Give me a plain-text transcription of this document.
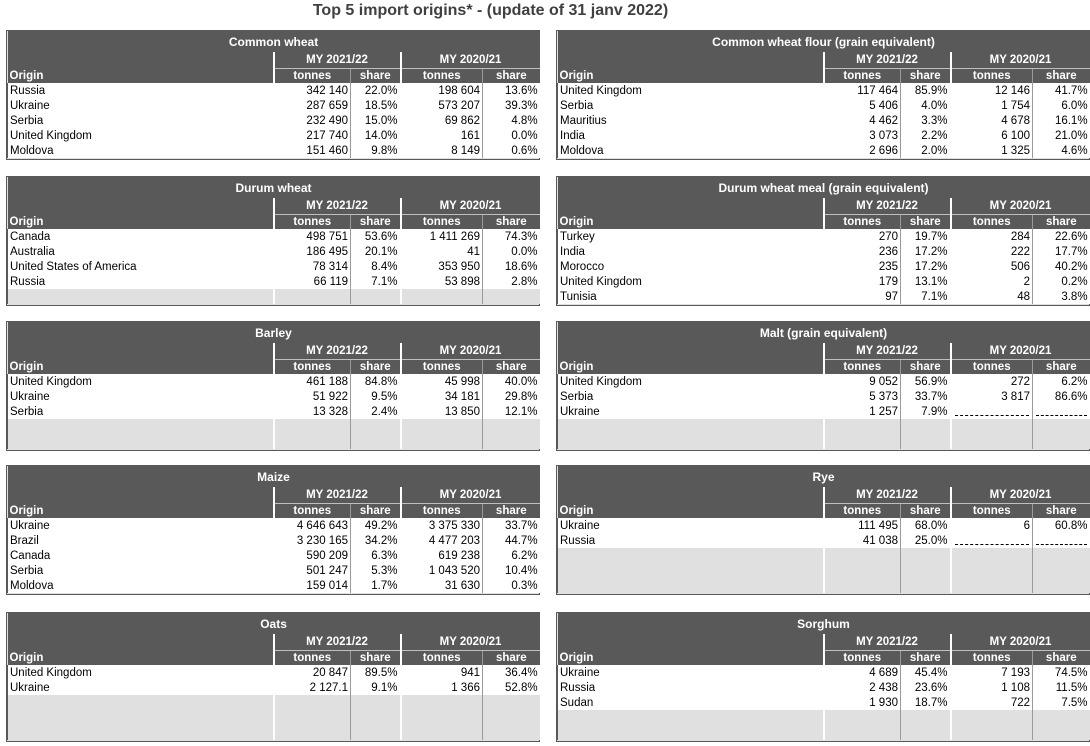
Top 5 import origins* - (update of 31 janv 2022)
Common wheat				
	MY 2021/22		MY 2020/21	
Origin	tonnes	share	tonnes	share
Russia	342 140	22.0%	198 604	13.6%
Ukraine	287 659	18.5%	573 207	39.3%
Serbia	232 490	15.0%	69 862	4.8%
United Kingdom	217 740	14.0%	161	0.0%
Moldova	151 460	9.8%	8 149	0.6%
Common wheat flour (grain equivalent)				
	MY 2021/22		MY 2020/21	
Origin	tonnes	share	tonnes	share
United Kingdom	117 464	85.9%	12 146	41.7%
Serbia	5 406	4.0%	1 754	6.0%
Mauritius	4 462	3.3%	4 678	16.1%
India	3 073	2.2%	6 100	21.0%
Moldova	2 696	2.0%	1 325	4.6%
Durum wheat				
	MY 2021/22		MY 2020/21	
Origin	tonnes	share	tonnes	share
Canada	498 751	53.6%	1 411 269	74.3%
Australia	186 495	20.1%	41	0.0%
United States of America	78 314	8.4%	353 950	18.6%
Russia	66 119	7.1%	53 898	2.8%

Durum wheat meal (grain equivalent)				
	MY 2021/22		MY 2020/21	
Origin	tonnes	share	tonnes	share
Turkey	270	19.7%	284	22.6%
India	236	17.2%	222	17.7%
Morocco	235	17.2%	506	40.2%
United Kingdom	179	13.1%	2	0.2%
Tunisia	97	7.1%	48	3.8%
Barley				
	MY 2021/22		MY 2020/21	
Origin	tonnes	share	tonnes	share
United Kingdom	461 188	84.8%	45 998	40.0%
Ukraine	51 922	9.5%	34 181	29.8%
Serbia	13 328	2.4%	13 850	12.1%

Malt (grain equivalent)				
	MY 2021/22		MY 2020/21	
Origin	tonnes	share	tonnes	share
United Kingdom	9 052	56.9%	272	6.2%
Serbia	5 373	33.7%	3 817	86.6%
Ukraine	1 257	7.9%	

Maize				
	MY 2021/22		MY 2020/21	
Origin	tonnes	share	tonnes	share
Ukraine	4 646 643	49.2%	3 375 330	33.7%
Brazil	3 230 165	34.2%	4 477 203	44.7%
Canada	590 209	6.3%	619 238	6.2%
Serbia	501 247	5.3%	1 043 520	10.4%
Moldova	159 014	1.7%	31 630	0.3%
Rye				
	MY 2021/22		MY 2020/21	
Origin	tonnes	share	tonnes	share
Ukraine	111 495	68.0%	6	60.8%
Russia	41 038	25.0%	

Oats				
	MY 2021/22		MY 2020/21	
Origin	tonnes	share	tonnes	share
United Kingdom	20 847	89.5%	941	36.4%
Ukraine	2 127.1	9.1%	1 366	52.8%

Sorghum				
	MY 2021/22		MY 2020/21	
Origin	tonnes	share	tonnes	share
Ukraine	4 689	45.4%	7 193	74.5%
Russia	2 438	23.6%	1 108	11.5%
Sudan	1 930	18.7%	722	7.5%
